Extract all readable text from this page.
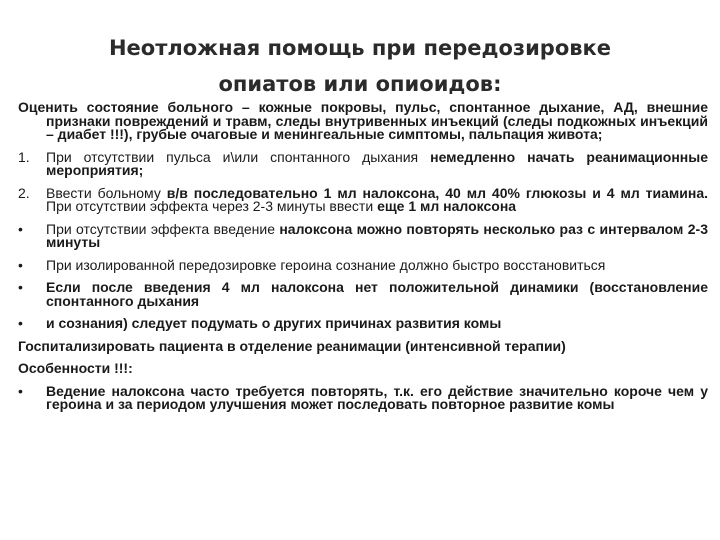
Неотложная помощь при передозировке
опиатов или опиоидов:

Оценить состояние больного – кожные покровы, пульс, спонтанное дыхание, АД, внешние признаки повреждений и травм, следы внутривенных инъекций (следы подкожных инъекций – диабет !!!), грубые очаговые и менингеальные симптомы, пальпация живота;

1. При отсутствии пульса и\или спонтанного дыхания немедленно начать реанимационные мероприятия;

2. Ввести больному в/в последовательно 1 мл налоксона, 40 мл 40% глюкозы и 4 мл тиамина. При отсутствии эффекта через 2-3 минуты ввести еще 1 мл налоксона

• При отсутствии эффекта введение налоксона можно повторять несколько раз с интервалом 2-3 минуты

• При изолированной передозировке героина сознание должно быстро восстановиться

• Если после введения 4 мл налоксона нет положительной динамики (восстановление спонтанного дыхания

• и сознания) следует подумать о других причинах развития комы

Госпитализировать пациента в отделение реанимации (интенсивной терапии)

Особенности !!!:

• Ведение налоксона часто требуется повторять, т.к. его действие значительно короче чем у героина и за периодом улучшения может последовать повторное развитие комы
